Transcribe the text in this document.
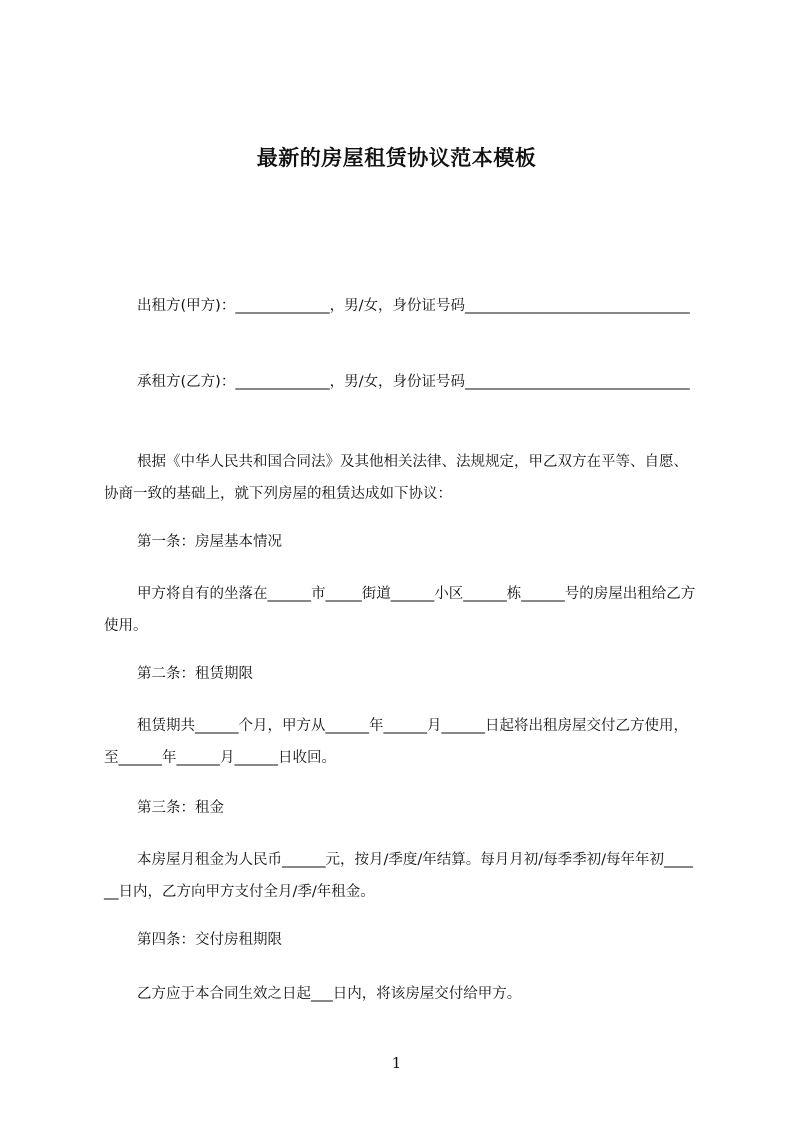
最新的房屋租赁协议范本模板

出租方(甲方)：_____________，男/女，身份证号码_______________________________

承租方(乙方)：_____________，男/女，身份证号码_______________________________

根据《中华人民共和国合同法》及其他相关法律、法规规定，甲乙双方在平等、自愿、协商一致的基础上，就下列房屋的租赁达成如下协议：

第一条：房屋基本情况

甲方将自有的坐落在______市_____街道______小区______栋______号的房屋出租给乙方使用。

第二条：租赁期限

租赁期共______个月，甲方从______年______月______日起将出租房屋交付乙方使用，至______年______月______日收回。

第三条：租金

本房屋月租金为人民币______元，按月/季度/年结算。每月月初/每季季初/每年年初______日内，乙方向甲方支付全月/季/年租金。

第四条：交付房租期限

乙方应于本合同生效之日起___日内，将该房屋交付给甲方。

1
